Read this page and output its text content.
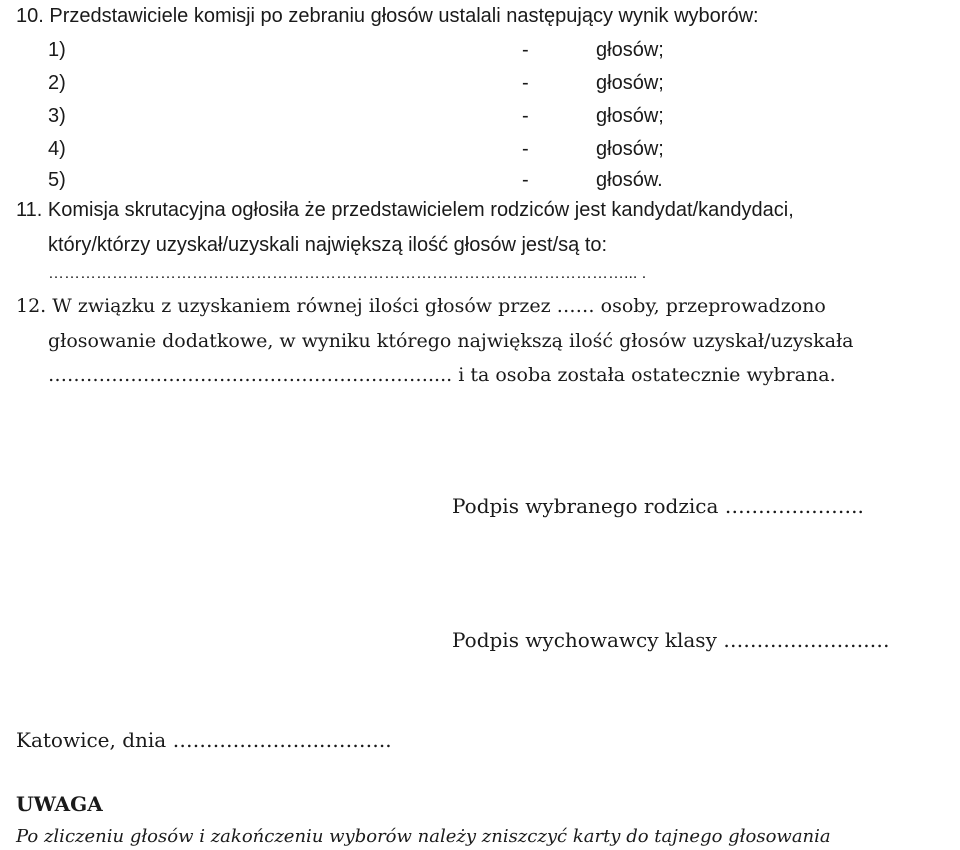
10. Przedstawiciele komisji po zebraniu głosów ustalali następujący wynik wyborów:
1)	-	głosów;
2)	-	głosów;
3)	-	głosów;
4)	-	głosów;
5)	-	głosów.
11. Komisja skrutacyjna ogłosiła że przedstawicielem rodziców jest kandydat/kandydaci,
który/którzy uzyskał/uzyskali największą ilość głosów jest/są to:
………………………………………………………………………………………………... .
12. W związku z uzyskaniem równej ilości głosów przez …… osoby, przeprowadzono
głosowanie dodatkowe, w wyniku którego największą ilość głosów uzyskał/uzyskała
…………………………………………………….... i ta osoba została ostatecznie wybrana.
Podpis wybranego rodzica ………….……..
Podpis wychowawcy klasy ………………….…
Katowice, dnia ………………….………..
UWAGA
Po zliczeniu głosów i zakończeniu wyborów należy zniszczyć karty do tajnego głosowania
